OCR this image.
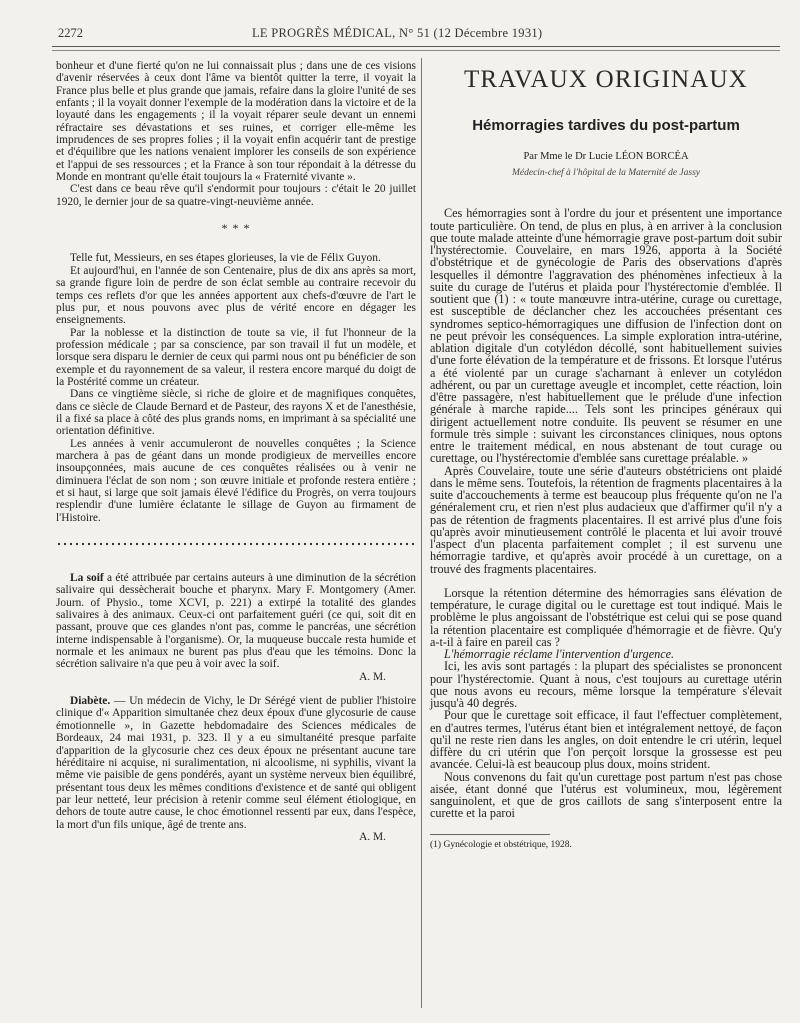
2272	LE PROGRÈS MÉDICAL, N° 51 (12 Décembre 1931)

bonheur et d'une fierté qu'on ne lui connaissait plus ; dans une de ces visions d'avenir réservées à ceux dont l'âme va bientôt quitter la terre, il voyait la France plus belle et plus grande que jamais, refaire dans la gloire l'unité de ses enfants ; il la voyait donner l'exemple de la modération dans la victoire et de la loyauté dans les engagements ; il la voyait réparer seule devant un ennemi réfractaire ses dévastations et ses ruines, et corriger elle-même les imprudences de ses propres folies ; il la voyait enfin acquérir tant de prestige et d'équilibre que les nations venaient implorer les conseils de son expérience et l'appui de ses ressources ; et la France à son tour répondait à la détresse du Monde en montrant qu'elle était toujours la « Fraternité vivante ».

C'est dans ce beau rêve qu'il s'endormit pour toujours : c'était le 20 juillet 1920, le dernier jour de sa quatre-vingt-neuvième année.

* * *

Telle fut, Messieurs, en ses étapes glorieuses, la vie de Félix Guyon.

Et aujourd'hui, en l'année de son Centenaire, plus de dix ans après sa mort, sa grande figure loin de perdre de son éclat semble au contraire recevoir du temps ces reflets d'or que les années apportent aux chefs-d'œuvre de l'art le plus pur, et nous pouvons avec plus de vérité encore en dégager les enseignements.

Par la noblesse et la distinction de toute sa vie, il fut l'honneur de la profession médicale ; par sa conscience, par son travail il fut un modèle, et lorsque sera disparu le dernier de ceux qui parmi nous ont pu bénéficier de son exemple et du rayonnement de sa valeur, il restera encore marqué du doigt de la Postérité comme un créateur.

Dans ce vingtième siècle, si riche de gloire et de magnifiques conquêtes, dans ce siècle de Claude Bernard et de Pasteur, des rayons X et de l'anesthésie, il a fixé sa place à côté des plus grands noms, en imprimant à sa spécialité une orientation définitive.

Les années à venir accumuleront de nouvelles conquêtes ; la Science marchera à pas de géant dans un monde prodigieux de merveilles encore insoupçonnées, mais aucune de ces conquêtes réalisées ou à venir ne diminuera l'éclat de son nom ; son œuvre initiale et profonde restera entière ; et si haut, si large que soit jamais élevé l'édifice du Progrès, on verra toujours resplendir d'une lumière éclatante le sillage de Guyon au firmament de l'Histoire.

La soif a été attribuée par certains auteurs à une diminution de la sécrétion salivaire qui dessècherait bouche et pharynx. Mary F. Montgomery (Amer. Journ. of Physio., tome XCVI, p. 221) a extirpé la totalité des glandes salivaires à des animaux. Ceux-ci ont parfaitement guéri (ce qui, soit dit en passant, prouve que ces glandes n'ont pas, comme le pancréas, une sécrétion interne indispensable à l'organisme). Or, la muqueuse buccale resta humide et normale et les animaux ne burent pas plus d'eau que les témoins. Donc la sécrétion salivaire n'a que peu à voir avec la soif.

A. M.

Diabète. — Un médecin de Vichy, le Dr Sérégé vient de publier l'histoire clinique d'« Apparition simultanée chez deux époux d'une glycosurie de cause émotionnelle », in Gazette hebdomadaire des Sciences médicales de Bordeaux, 24 mai 1931, p. 323. Il y a eu simultanéité presque parfaite d'apparition de la glycosurie chez ces deux époux ne présentant aucune tare héréditaire ni acquise, ni suralimentation, ni alcoolisme, ni syphilis, vivant la même vie paisible de gens pondérés, ayant un système nerveux bien équilibré, présentant tous deux les mêmes conditions d'existence et de santé qui obligent par leur netteté, leur précision à retenir comme seul élément étiologique, en dehors de toute autre cause, le choc émotionnel ressenti par eux, dans l'espèce, la mort d'un fils unique, âgé de trente ans.

A. M.

TRAVAUX ORIGINAUX
Hémorragies tardives du post-partum
Par Mme le Dr Lucie LÉON BORCÉA
Médecin-chef à l'hôpital de la Maternité de Jassy

Ces hémorragies sont à l'ordre du jour et présentent une importance toute particulière. On tend, de plus en plus, à en arriver à la conclusion que toute malade atteinte d'une hémorragie grave post-partum doit subir l'hystérectomie. Couvelaire, en mars 1926, apporta à la Société d'obstétrique et de gynécologie de Paris des observations d'après lesquelles il démontre l'aggravation des phénomènes infectieux à la suite du curage de l'utérus et plaida pour l'hystérectomie d'emblée. Il soutient que (1) : « toute manœuvre intra-utérine, curage ou curettage, est susceptible de déclancher chez les accouchées présentant ces syndromes septico-hémorragiques une diffusion de l'infection dont on ne peut prévoir les conséquences. La simple exploration intra-utérine, ablation digitale d'un cotylédon décollé, sont habituellement suivies d'une forte élévation de la température et de frissons. Et lorsque l'utérus a été violenté par un curage s'acharnant à enlever un cotylédon adhérent, ou par un curettage aveugle et incomplet, cette réaction, loin d'être passagère, n'est habituellement que le prélude d'une infection générale à marche rapide.... Tels sont les principes généraux qui dirigent actuellement notre conduite. Ils peuvent se résumer en une formule très simple : suivant les circonstances cliniques, nous optons entre le traitement médical, en nous abstenant de tout curage ou curettage, ou l'hystérectomie d'emblée sans curettage préalable. »

Après Couvelaire, toute une série d'auteurs obstétriciens ont plaidé dans le même sens. Toutefois, la rétention de fragments placentaires à la suite d'accouchements à terme est beaucoup plus fréquente qu'on ne l'a généralement cru, et rien n'est plus audacieux que d'affirmer qu'il n'y a pas de rétention de fragments placentaires. Il est arrivé plus d'une fois qu'après avoir minutieusement contrôlé le placenta et lui avoir trouvé l'aspect d'un placenta parfaitement complet ; il est survenu une hémorragie tardive, et qu'après avoir procédé à un curettage, on a trouvé des fragments placentaires.

Lorsque la rétention détermine des hémorragies sans élévation de température, le curage digital ou le curettage est tout indiqué. Mais le problème le plus angoissant de l'obstétrique est celui qui se pose quand la rétention placentaire est compliquée d'hémorragie et de fièvre. Qu'y a-t-il à faire en pareil cas ?

L'hémorragie réclame l'intervention d'urgence.

Ici, les avis sont partagés : la plupart des spécialistes se prononcent pour l'hystérectomie. Quant à nous, c'est toujours au curettage utérin que nous avons eu recours, même lorsque la température s'élevait jusqu'à 40 degrés.

Pour que le curettage soit efficace, il faut l'effectuer complètement, en d'autres termes, l'utérus étant bien et intégralement nettoyé, de façon qu'il ne reste rien dans les angles, on doit entendre le cri utérin, lequel diffère du cri utérin que l'on perçoit lorsque la grossesse est peu avancée. Celui-là est beaucoup plus doux, moins strident.

Nous convenons du fait qu'un curettage post partum n'est pas chose aisée, étant donné que l'utérus est volumineux, mou, légèrement sanguinolent, et que de gros caillots de sang s'interposent entre la curette et la paroi

(1) Gynécologie et obstétrique, 1928.
